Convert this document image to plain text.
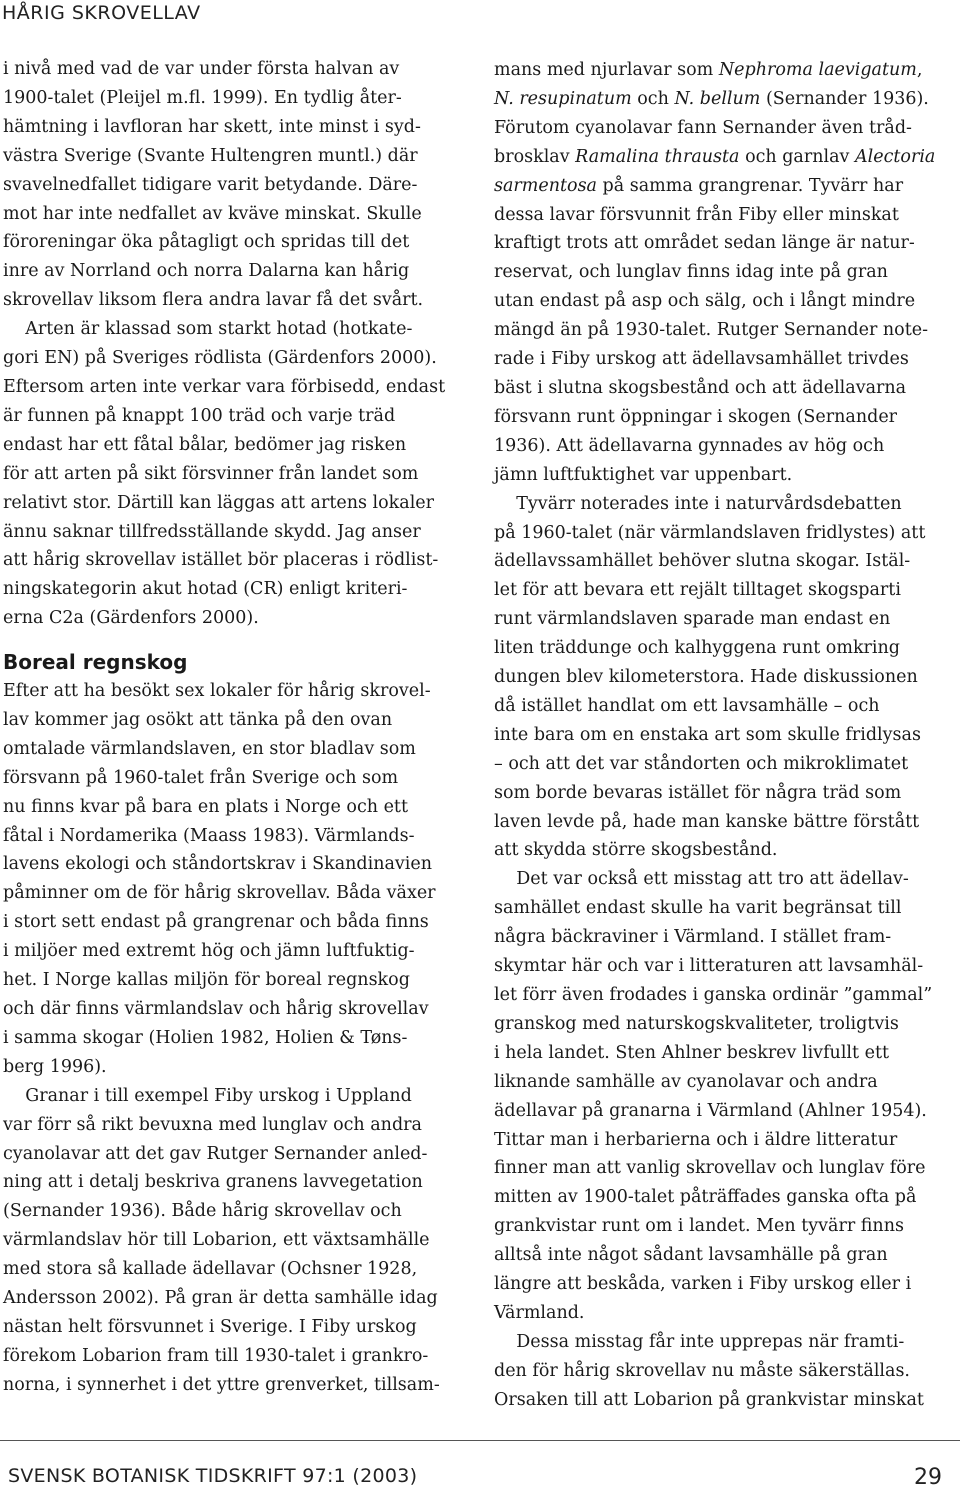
HÅRIG SKROVELLAV

i nivå med vad de var under första halvan av

1900-talet (Pleijel m.fl. 1999). En tydlig åter-

hämtning i lavfloran har skett, inte minst i syd-

västra Sverige (Svante Hultengren muntl.) där

svavelnedfallet tidigare varit betydande. Däre-

mot har inte nedfallet av kväve minskat. Skulle

föroreningar öka påtagligt och spridas till det

inre av Norrland och norra Dalarna kan hårig

skrovellav liksom flera andra lavar få det svårt.

Arten är klassad som starkt hotad (hotkate-

gori EN) på Sveriges rödlista (Gärdenfors 2000).

Eftersom arten inte verkar vara förbisedd, endast

är funnen på knappt 100 träd och varje träd

endast har ett fåtal bålar, bedömer jag risken

för att arten på sikt försvinner från landet som

relativt stor. Därtill kan läggas att artens lokaler

ännu saknar tillfredsställande skydd. Jag anser

att hårig skrovellav istället bör placeras i rödlist-

ningskategorin akut hotad (CR) enligt kriteri-

erna C2a (Gärdenfors 2000).

Boreal regnskog

Efter att ha besökt sex lokaler för hårig skrovel-

lav kommer jag osökt att tänka på den ovan

omtalade värmlandslaven, en stor bladlav som

försvann på 1960-talet från Sverige och som

nu finns kvar på bara en plats i Norge och ett

fåtal i Nordamerika (Maass 1983). Värmlands-

lavens ekologi och ståndortskrav i Skandinavien

påminner om de för hårig skrovellav. Båda växer

i stort sett endast på grangrenar och båda finns

i miljöer med extremt hög och jämn luftfuktig-

het. I Norge kallas miljön för boreal regnskog

och där finns värmlandslav och hårig skrovellav

i samma skogar (Holien 1982, Holien & Tøns-

berg 1996).

Granar i till exempel Fiby urskog i Uppland

var förr så rikt bevuxna med lunglav och andra

cyanolavar att det gav Rutger Sernander anled-

ning att i detalj beskriva granens lavvegetation

(Sernander 1936). Både hårig skrovellav och

värmlandslav hör till Lobarion, ett växtsamhälle

med stora så kallade ädellavar (Ochsner 1928,

Andersson 2002). På gran är detta samhälle idag

nästan helt försvunnet i Sverige. I Fiby urskog

förekom Lobarion fram till 1930-talet i grankro-

norna, i synnerhet i det yttre grenverket, tillsam-

mans med njurlavar som Nephroma laevigatum,

N. resupinatum och N. bellum (Sernander 1936).

Förutom cyanolavar fann Sernander även tråd-

brosklav Ramalina thrausta och garnlav Alectoria

sarmentosa på samma grangrenar. Tyvärr har

dessa lavar försvunnit från Fiby eller minskat

kraftigt trots att området sedan länge är natur-

reservat, och lunglav finns idag inte på gran

utan endast på asp och sälg, och i långt mindre

mängd än på 1930-talet. Rutger Sernander note-

rade i Fiby urskog att ädellavsamhället trivdes

bäst i slutna skogsbestånd och att ädellavarna

försvann runt öppningar i skogen (Sernander

1936). Att ädellavarna gynnades av hög och

jämn luftfuktighet var uppenbart.

Tyvärr noterades inte i naturvårdsdebatten

på 1960-talet (när värmlandslaven fridlystes) att

ädellavssamhället behöver slutna skogar. Istäl-

let för att bevara ett rejält tilltaget skogsparti

runt värmlandslaven sparade man endast en

liten träddunge och kalhyggena runt omkring

dungen blev kilometerstora. Hade diskussionen

då istället handlat om ett lavsamhälle – och

inte bara om en enstaka art som skulle fridlysas

– och att det var ståndorten och mikroklimatet

som borde bevaras istället för några träd som

laven levde på, hade man kanske bättre förstått

att skydda större skogsbestånd.

Det var också ett misstag att tro att ädellav-

samhället endast skulle ha varit begränsat till

några bäckraviner i Värmland. I stället fram-

skymtar här och var i litteraturen att lavsamhäl-

let förr även frodades i ganska ordinär ”gammal”

granskog med naturskogskvaliteter, troligtvis

i hela landet. Sten Ahlner beskrev livfullt ett

liknande samhälle av cyanolavar och andra

ädellavar på granarna i Värmland (Ahlner 1954).

Tittar man i herbarierna och i äldre litteratur

finner man att vanlig skrovellav och lunglav före

mitten av 1900-talet påträffades ganska ofta på

grankvistar runt om i landet. Men tyvärr finns

alltså inte något sådant lavsamhälle på gran

längre att beskåda, varken i Fiby urskog eller i

Värmland.

Dessa misstag får inte upprepas när framti-

den för hårig skrovellav nu måste säkerställas.

Orsaken till att Lobarion på grankvistar minskat

SVENSK BOTANISK TIDSKRIFT 97:1 (2003)	29
